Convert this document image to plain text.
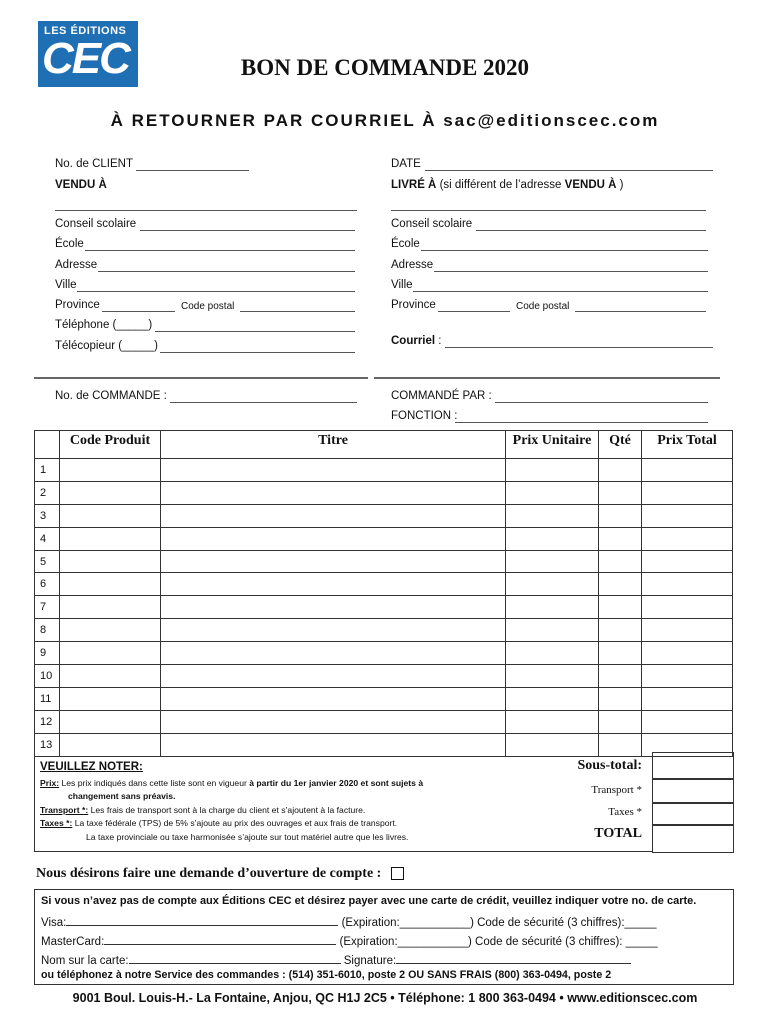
LES ÉDITIONS
CEC	BON DE COMMANDE 2020
À RETOURNER PAR COURRIEL À sac@editionscec.com
No. de CLIENT
VENDU À
Conseil scolaire
École
Adresse
Ville
Province	Code postal
Téléphone (_____)
Télécopieur (_____)
No. de COMMANDE :
DATE
LIVRÉ À (si différent de l’adresse VENDU À )
Conseil scolaire
École
Adresse
Ville
Province	Code postal
Courriel :
COMMANDÉ PAR :
FONCTION :
	Code Produit	Titre	Prix Unitaire	Qté	Prix Total
1					
2					
3					
4					
5					
6					
7					
8					
9					
10					
11					
12					
13					
VEUILLEZ NOTER:
Prix: Les prix indiqués dans cette liste sont en vigueur à partir du 1er janvier 2020 et sont sujets à
changement sans préavis.
Transport *: Les frais de transport sont à la charge du client et s’ajoutent à la facture.
Taxes *: La taxe fédérale (TPS) de 5% s’ajoute au prix des ouvrages et aux frais de transport.
La taxe provinciale ou taxe harmonisée s’ajoute sur tout matériel autre que les livres.
Sous-total:
Transport *
Taxes *
TOTAL
Nous désirons faire une demande d’ouverture de compte :
Si vous n’avez pas de compte aux Éditions CEC et désirez payer avec une carte de crédit, veuillez indiquer votre no. de carte.
Visa:	(Expiration:___________) Code de sécurité (3 chiffres):_____
MasterCard:	(Expiration:___________) Code de sécurité (3 chiffres): _____
Nom sur la carte:	Signature:
ou téléphonez à notre Service des commandes : (514) 351-6010, poste 2 OU SANS FRAIS (800) 363-0494, poste 2
9001 Boul. Louis-H.- La Fontaine, Anjou, QC H1J 2C5 • Téléphone: 1 800 363-0494 • www.editionscec.com
